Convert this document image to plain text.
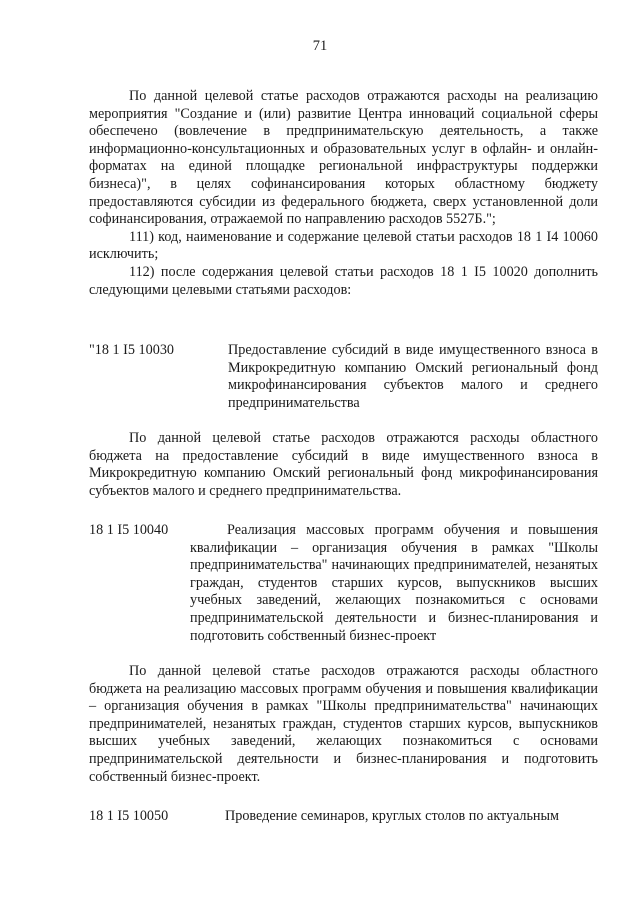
71

По данной целевой статье расходов отражаются расходы на реализацию мероприятия "Создание и (или) развитие Центра инноваций социальной сферы обеспечено (вовлечение в предпринимательскую деятельность, а также информационно-консультационных и образовательных услуг в офлайн- и онлайн-форматах на единой площадке региональной инфраструктуры поддержки бизнеса)", в целях софинансирования которых областному бюджету предоставляются субсидии из федерального бюджета, сверх установленной доли софинансирования, отражаемой по направлению расходов 5527Б.";

111) код, наименование и содержание целевой статьи расходов 18 1 I4 10060 исключить;

112) после содержания целевой статьи расходов 18 1 I5 10020 дополнить следующими целевыми статьями расходов:

"18 1 I5 10030	Предоставление субсидий в виде имущественного взноса в Микрокредитную компанию Омский региональный фонд микрофинансирования субъектов малого и среднего предпринимательства

По данной целевой статье расходов отражаются расходы областного бюджета на предоставление субсидий в виде имущественного взноса в Микрокредитную компанию Омский региональный фонд микрофинансирования субъектов малого и среднего предпринимательства.

18 1 I5 10040	Реализация массовых программ обучения и повышения квалификации – организация обучения в рамках "Школы предпринимательства" начинающих предпринимателей, незанятых граждан, студентов старших курсов, выпускников высших учебных заведений, желающих познакомиться с основами предпринимательской деятельности и бизнес-планирования и подготовить собственный бизнес-проект

По данной целевой статье расходов отражаются расходы областного бюджета на реализацию массовых программ обучения и повышения квалификации – организация обучения в рамках "Школы предпринимательства" начинающих предпринимателей, незанятых граждан, студентов старших курсов, выпускников высших учебных заведений, желающих познакомиться с основами предпринимательской деятельности и бизнес-планирования и подготовить собственный бизнес-проект.

18 1 I5 10050	Проведение семинаров, круглых столов по актуальным
